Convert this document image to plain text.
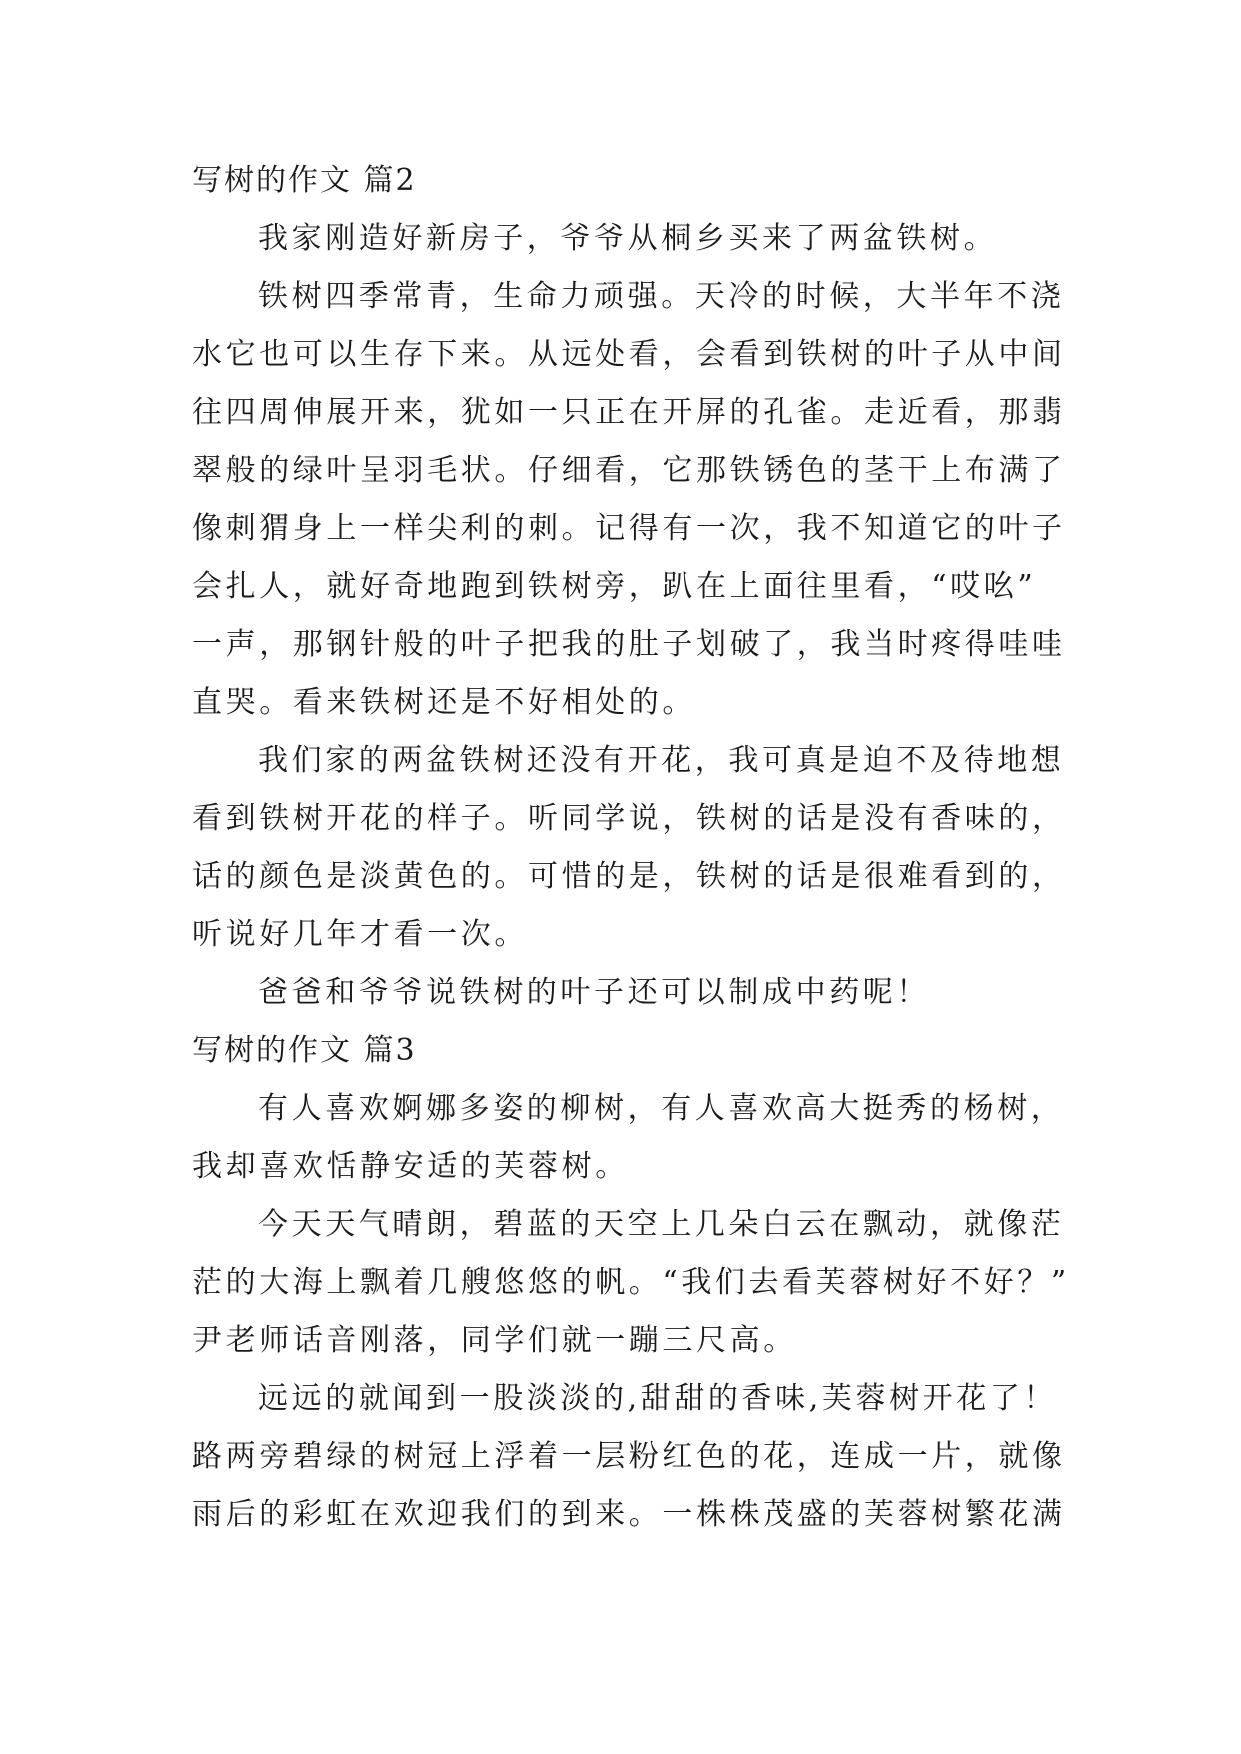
写树的作文 篇2
我家刚造好新房子，爷爷从桐乡买来了两盆铁树。
铁树四季常青，生命力顽强。天冷的时候，大半年不浇
水它也可以生存下来。从远处看，会看到铁树的叶子从中间
往四周伸展开来，犹如一只正在开屏的孔雀。走近看，那翡
翠般的绿叶呈羽毛状。仔细看，它那铁锈色的茎干上布满了
像刺猬身上一样尖利的刺。记得有一次，我不知道它的叶子
会扎人，就好奇地跑到铁树旁，趴在上面往里看，“哎吆”
一声，那钢针般的叶子把我的肚子划破了，我当时疼得哇哇
直哭。看来铁树还是不好相处的。
我们家的两盆铁树还没有开花，我可真是迫不及待地想
看到铁树开花的样子。听同学说，铁树的话是没有香味的，
话的颜色是淡黄色的。可惜的是，铁树的话是很难看到的，
听说好几年才看一次。
爸爸和爷爷说铁树的叶子还可以制成中药呢！
写树的作文 篇3
有人喜欢婀娜多姿的柳树，有人喜欢高大挺秀的杨树，
我却喜欢恬静安适的芙蓉树。
今天天气晴朗，碧蓝的天空上几朵白云在飘动，就像茫
茫的大海上飘着几艘悠悠的帆。“我们去看芙蓉树好不好？”
尹老师话音刚落，同学们就一蹦三尺高。
远远的就闻到一股淡淡的,甜甜的香味,芙蓉树开花了！
路两旁碧绿的树冠上浮着一层粉红色的花，连成一片，就像
雨后的彩虹在欢迎我们的到来。一株株茂盛的芙蓉树繁花满
